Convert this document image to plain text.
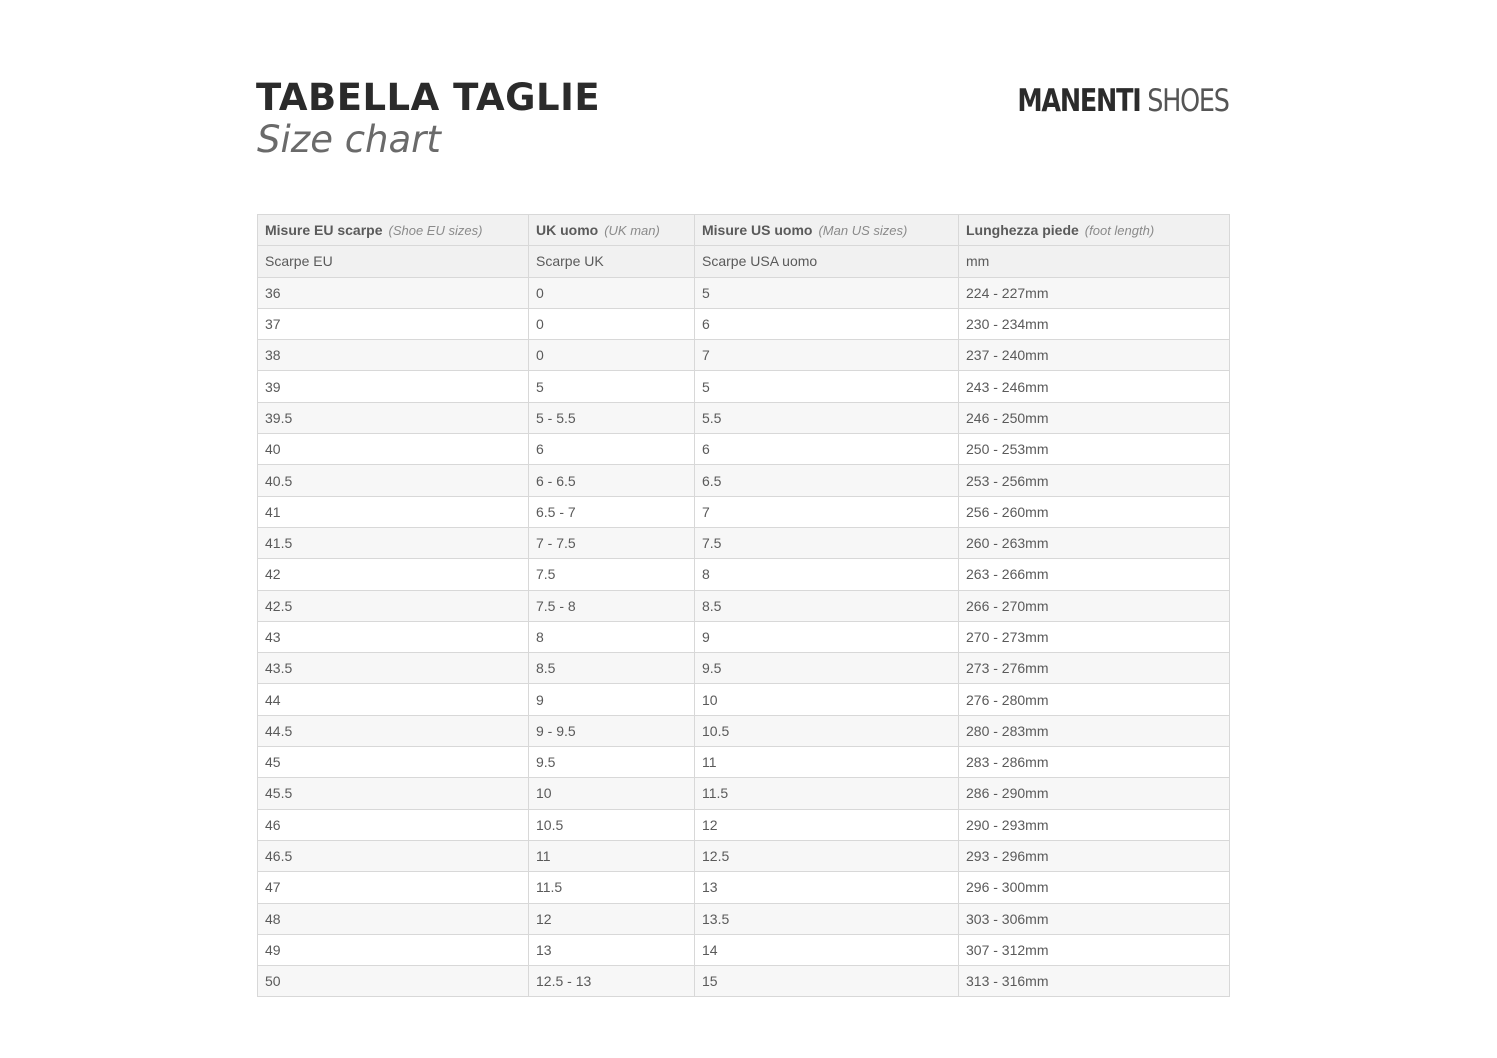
TABELLA TAGLIE
Size chart
MANENTI SHOES
Misure EU scarpe (Shoe EU sizes)	UK uomo (UK man)	Misure US uomo (Man US sizes)	Lunghezza piede (foot length)
Scarpe EU	Scarpe UK	Scarpe USA uomo	mm
36	0	5	224 - 227mm
37	0	6	230 - 234mm
38	0	7	237 - 240mm
39	5	5	243 - 246mm
39.5	5 - 5.5	5.5	246 - 250mm
40	6	6	250 - 253mm
40.5	6 - 6.5	6.5	253 - 256mm
41	6.5 - 7	7	256 - 260mm
41.5	7 - 7.5	7.5	260 - 263mm
42	7.5	8	263 - 266mm
42.5	7.5 - 8	8.5	266 - 270mm
43	8	9	270 - 273mm
43.5	8.5	9.5	273 - 276mm
44	9	10	276 - 280mm
44.5	9 - 9.5	10.5	280 - 283mm
45	9.5	11	283 - 286mm
45.5	10	11.5	286 - 290mm
46	10.5	12	290 - 293mm
46.5	11	12.5	293 - 296mm
47	11.5	13	296 - 300mm
48	12	13.5	303 - 306mm
49	13	14	307 - 312mm
50	12.5 - 13	15	313 - 316mm
